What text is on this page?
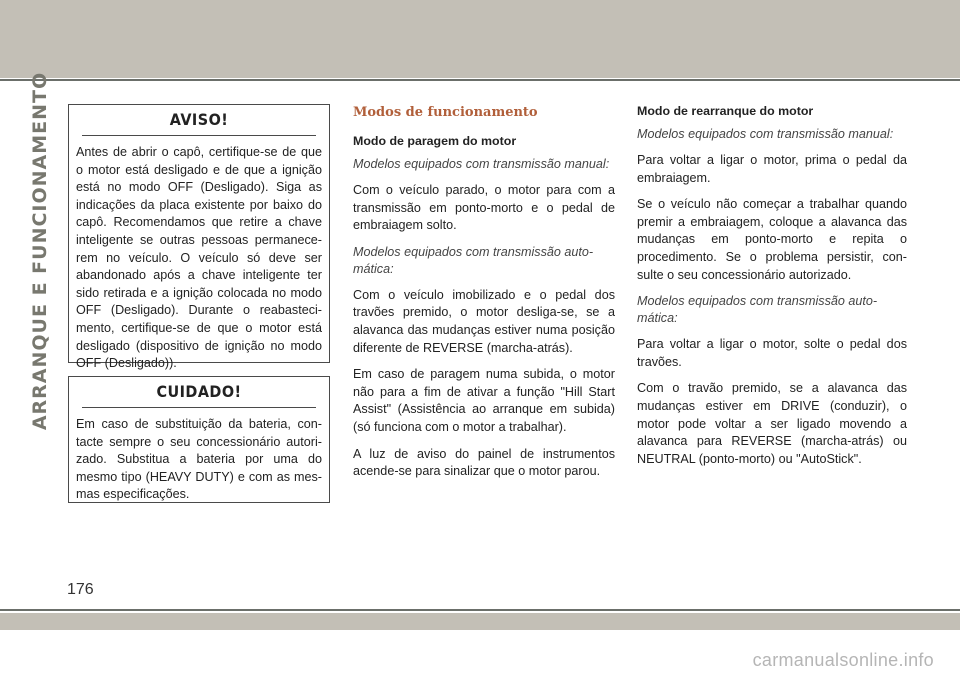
ARRANQUE E FUNCIONAMENTO	AVISO!
Antes de abrir o capô, certifique-se de que o motor está desligado e de que a ignição está no modo OFF (Desligado). Siga as indicações da placa existente por baixo do capô. Recomendamos que retire a chave inteligente se outras pessoas permanece-rem no veículo. O veículo só deve ser abandonado após a chave inteligente ter sido retirada e a ignição colocada no modo OFF (Desligado). Durante o reabasteci-mento, certifique-se de que o motor está desligado (dispositivo de ignição no modo OFF (Desligado)).
CUIDADO!
Em caso de substituição da bateria, con-tacte sempre o seu concessionário autori-zado. Substitua a bateria por uma do mesmo tipo (HEAVY DUTY) e com as mes-mas especificações.
Modos de funcionamento
Modo de paragem do motor
Modelos equipados com transmissão manual:
Com o veículo parado, o motor para com a transmissão em ponto-morto e o pedal de embraiagem solto.
Modelos equipados com transmissão auto-mática:
Com o veículo imobilizado e o pedal dos travões premido, o motor desliga-se, se a alavanca das mudanças estiver numa posição diferente de REVERSE (marcha-atrás).
Em caso de paragem numa subida, o motor não para a fim de ativar a função "Hill Start Assist" (Assistência ao arranque em subida) (só funciona com o motor a trabalhar).
A luz de aviso do painel de instrumentos acende-se para sinalizar que o motor parou.
Modo de rearranque do motor
Modelos equipados com transmissão manual:
Para voltar a ligar o motor, prima o pedal da embraiagem.
Se o veículo não começar a trabalhar quando premir a embraiagem, coloque a alavanca das mudanças em ponto-morto e repita o procedimento. Se o problema persistir, con-sulte o seu concessionário autorizado.
Modelos equipados com transmissão auto-mática:
Para voltar a ligar o motor, solte o pedal dos travões.
Com o travão premido, se a alavanca das mudanças estiver em DRIVE (conduzir), o motor pode voltar a ser ligado movendo a alavanca para REVERSE (marcha-atrás) ou NEUTRAL (ponto-morto) ou "AutoStick".
176
carmanualsonline.info
